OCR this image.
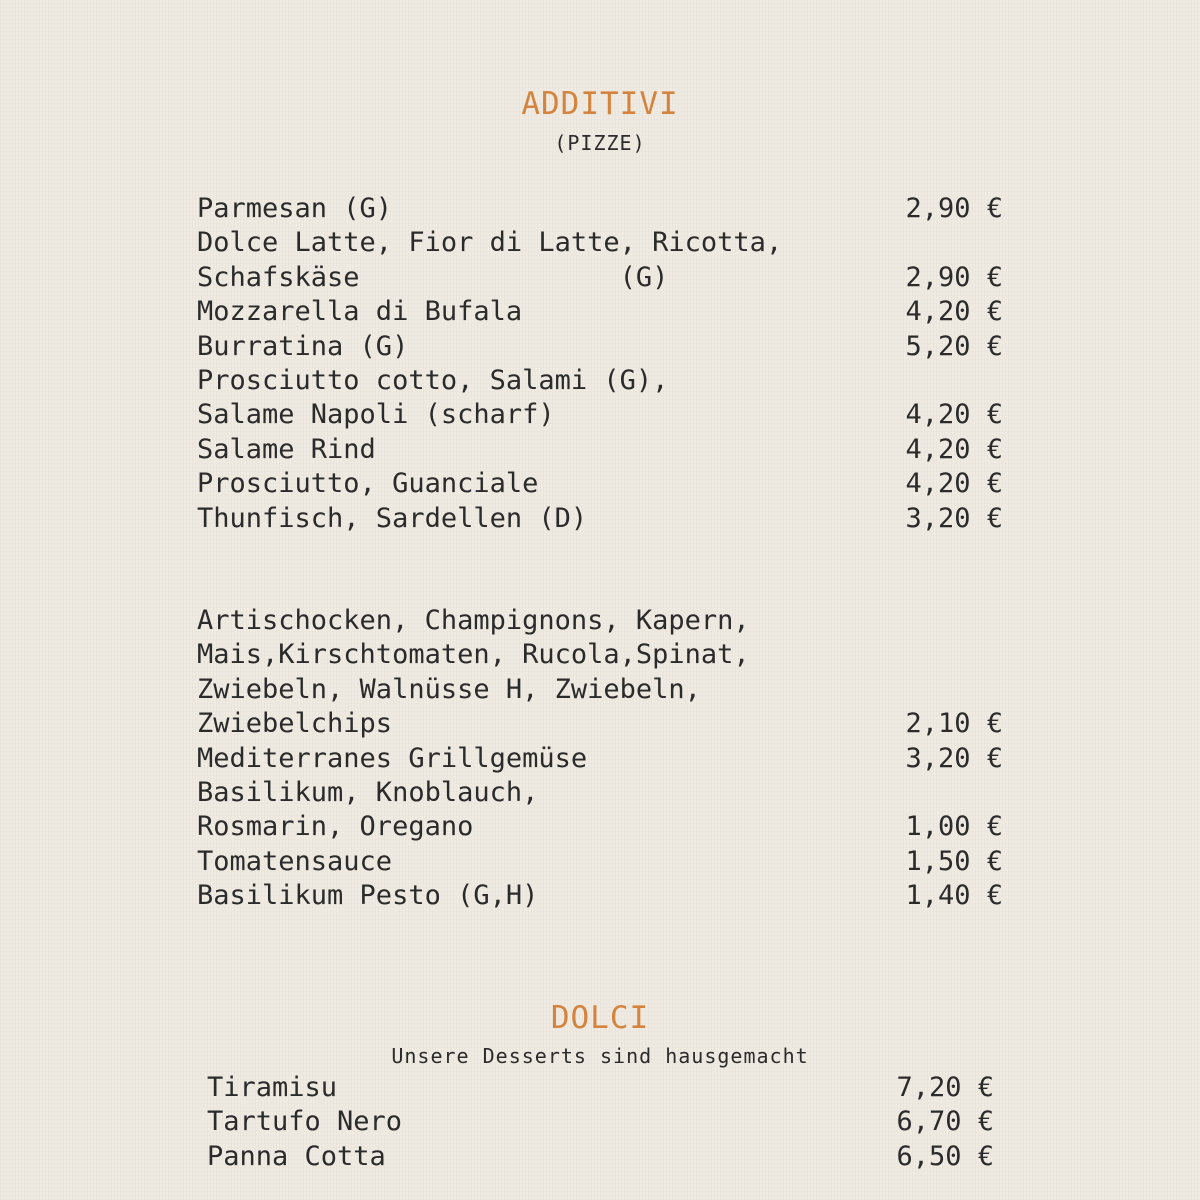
ADDITIVI
(PIZZE)
Parmesan (G)	2,90 €
Dolce Latte, Fior di Latte, Ricotta,
Schafskäse                (G)	2,90 €
Mozzarella di Bufala	4,20 €
Burratina (G)	5,20 €
Prosciutto cotto, Salami (G),
Salame Napoli (scharf)	4,20 €
Salame Rind	4,20 €
Prosciutto, Guanciale	4,20 €
Thunfisch, Sardellen (D)	3,20 €
Artischocken, Champignons, Kapern,
Mais,Kirschtomaten, Rucola,Spinat,
Zwiebeln, Walnüsse H, Zwiebeln,
Zwiebelchips	2,10 €
Mediterranes Grillgemüse	3,20 €
Basilikum, Knoblauch,
Rosmarin, Oregano	1,00 €
Tomatensauce	1,50 €
Basilikum Pesto (G,H)	1,40 €
DOLCI
Unsere Desserts sind hausgemacht
Tiramisu	7,20 €
Tartufo Nero	6,70 €
Panna Cotta	6,50 €
